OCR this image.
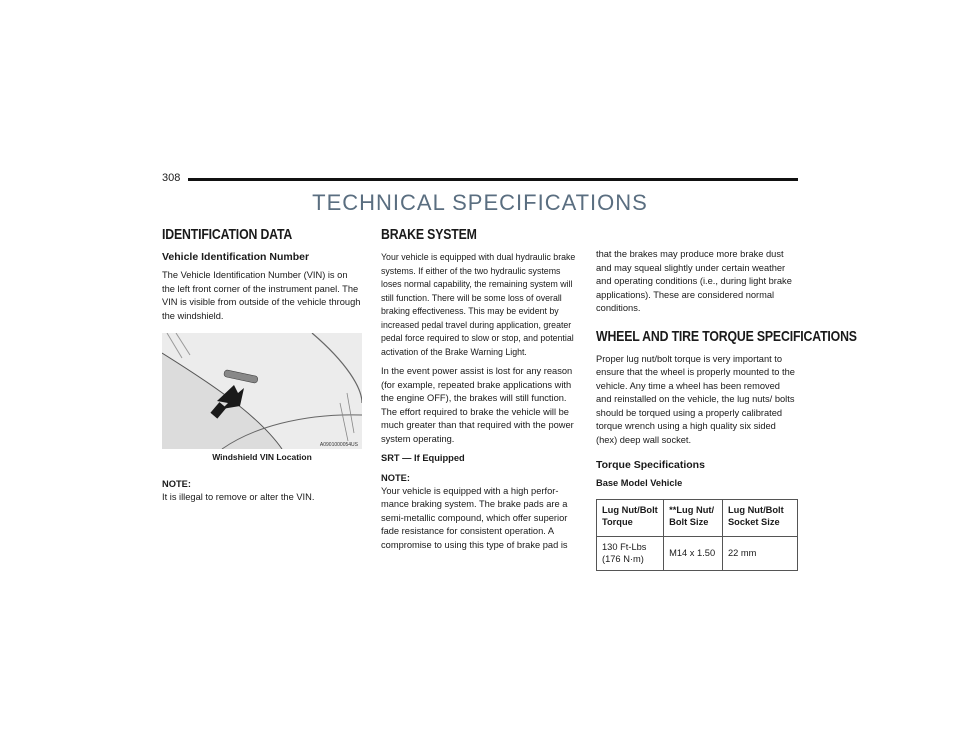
308
TECHNICAL SPECIFICATIONS
IDENTIFICATION DATA
Vehicle Identification Number

The Vehicle Identification Number (VIN) is on the left front corner of the instrument panel. The VIN is visible from outside of the vehicle through the windshield.

A0901000054US
Windshield VIN Location
NOTE:

It is illegal to remove or alter the VIN.

BRAKE SYSTEM

Your vehicle is equipped with dual hydraulic brake systems. If either of the two hydraulic systems loses normal capability, the remaining system will still function. There will be some loss of overall braking effectiveness. This may be evident by increased pedal travel during application, greater pedal force required to slow or stop, and potential activation of the Brake Warning Light.

In the event power assist is lost for any reason (for example, repeated brake applications with the engine OFF), the brakes will still function. The effort required to brake the vehicle will be much greater than that required with the power system operating.

SRT — If Equipped

NOTE:

Your vehicle is equipped with a high perfor-mance braking system. The brake pads are a semi-metallic compound, which offer superior fade resistance for consistent operation. A compromise to using this type of brake pad is

that the brakes may produce more brake dust and may squeal slightly under certain weather and operating conditions (i.e., during light brake applications). These are considered normal conditions.

WHEEL AND TIRE TORQUE SPECIFICATIONS

Proper lug nut/bolt torque is very important to ensure that the wheel is properly mounted to the vehicle. Any time a wheel has been removed and reinstalled on the vehicle, the lug nuts/ bolts should be torqued using a properly calibrated torque wrench using a high quality six sided (hex) deep wall socket.

Torque Specifications

Base Model Vehicle

Lug Nut/Bolt Torque	**Lug Nut/ Bolt Size	Lug Nut/Bolt Socket Size
130 Ft-Lbs (176 N·m)	M14 x 1.50	22 mm
